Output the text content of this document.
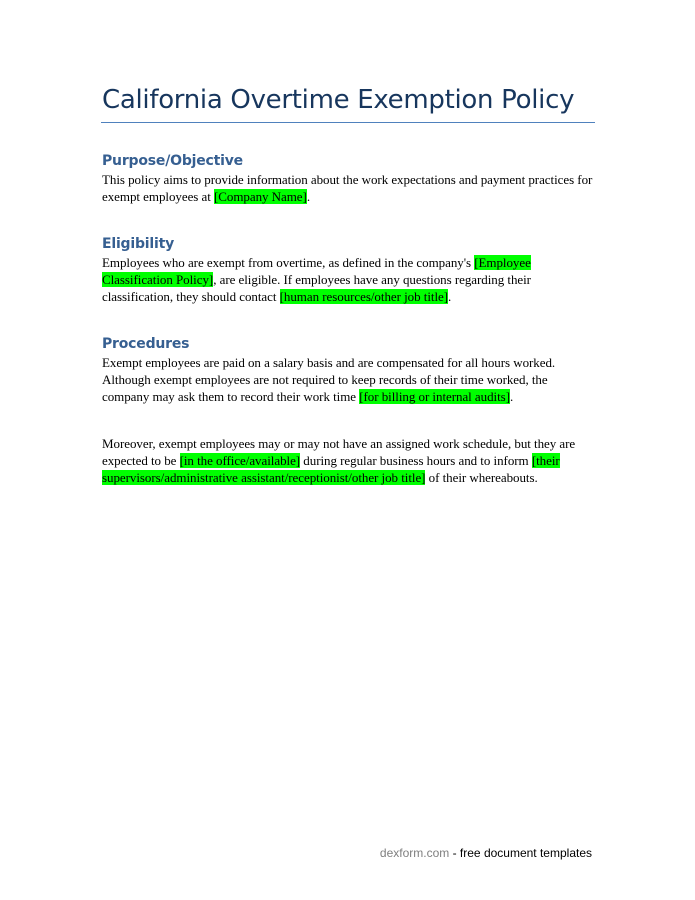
California Overtime Exemption Policy
Purpose/Objective

This policy aims to provide information about the work expectations and payment practices for exempt employees at [Company Name].

Eligibility

Employees who are exempt from overtime, as defined in the company's [Employee Classification Policy], are eligible. If employees have any questions regarding their classification, they should contact [human resources/other job title].

Procedures

Exempt employees are paid on a salary basis and are compensated for all hours worked. Although exempt employees are not required to keep records of their time worked, the company may ask them to record their work time [for billing or internal audits].

Moreover, exempt employees may or may not have an assigned work schedule, but they are expected to be [in the office/available] during regular business hours and to inform [their supervisors/administrative assistant/receptionist/other job title] of their whereabouts.

dexform.com - free document templates
